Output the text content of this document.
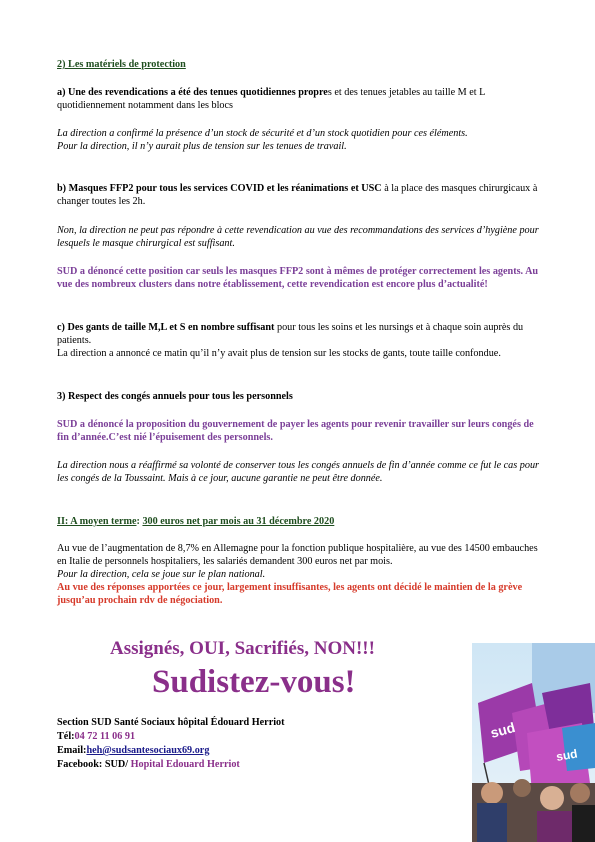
2) Les matériels de protection

a) Une des revendications a été des tenues quotidiennes propres et des tenues jetables au taille M et L quotidiennement notamment dans les blocs

La direction a confirmé la présence d’un stock de sécurité et d’un stock quotidien pour ces éléments.

Pour la direction, il n’y aurait plus de tension sur les tenues de travail.

b) Masques FFP2 pour tous les services COVID et les réanimations et USC à la place des masques chirurgicaux à changer toutes les 2h.

Non, la direction ne peut pas répondre à cette revendication au vue des recommandations des services d’hygiène pour lesquels le masque chirurgical est suffisant.

SUD a dénoncé cette position car seuls les masques FFP2 sont à mêmes de protéger correctement les agents. Au vue des nombreux clusters dans notre établissement, cette revendication est encore plus d’actualité!

c) Des gants de taille M,L et S en nombre suffisant pour tous les soins et les nursings et à chaque soin auprès du patients.

La direction a annoncé ce matin qu’il n’y avait plus de tension sur les stocks de gants, toute taille confondue.

3) Respect des congés annuels pour tous les personnels

SUD a dénoncé la proposition du gouvernement de payer les agents pour revenir travailler sur leurs congés de fin d’année.C’est nié l’épuisement des personnels.

La direction nous a réaffirmé sa volonté de conserver tous les congés annuels de fin d’année comme ce fut le cas pour les congés de la Toussaint. Mais à ce jour, aucune garantie ne peut être donnée.

II: A moyen terme: 300 euros net par mois au 31 décembre 2020

Au vue de l’augmentation de 8,7% en Allemagne pour la fonction publique hospitalière, au vue des 14500 embauches en Italie de personnels hospitaliers, les salariés demandent 300 euros net par mois.

Pour la direction, cela se joue sur le plan national.

Au vue des réponses apportées ce jour, largement insuffisantes, les agents ont décidé le maintien de la grève jusqu’au prochain rdv de négociation.

Assignés, OUI, Sacrifiés, NON!!!
Sudistez-vous!
Section SUD Santé Sociaux hôpital Édouard Herriot
Tél:04 72 11 06 91
Email:heh@sudsantesociaux69.org
Facebook: SUD/ Hopital Edouard Herriot
sud
sud
